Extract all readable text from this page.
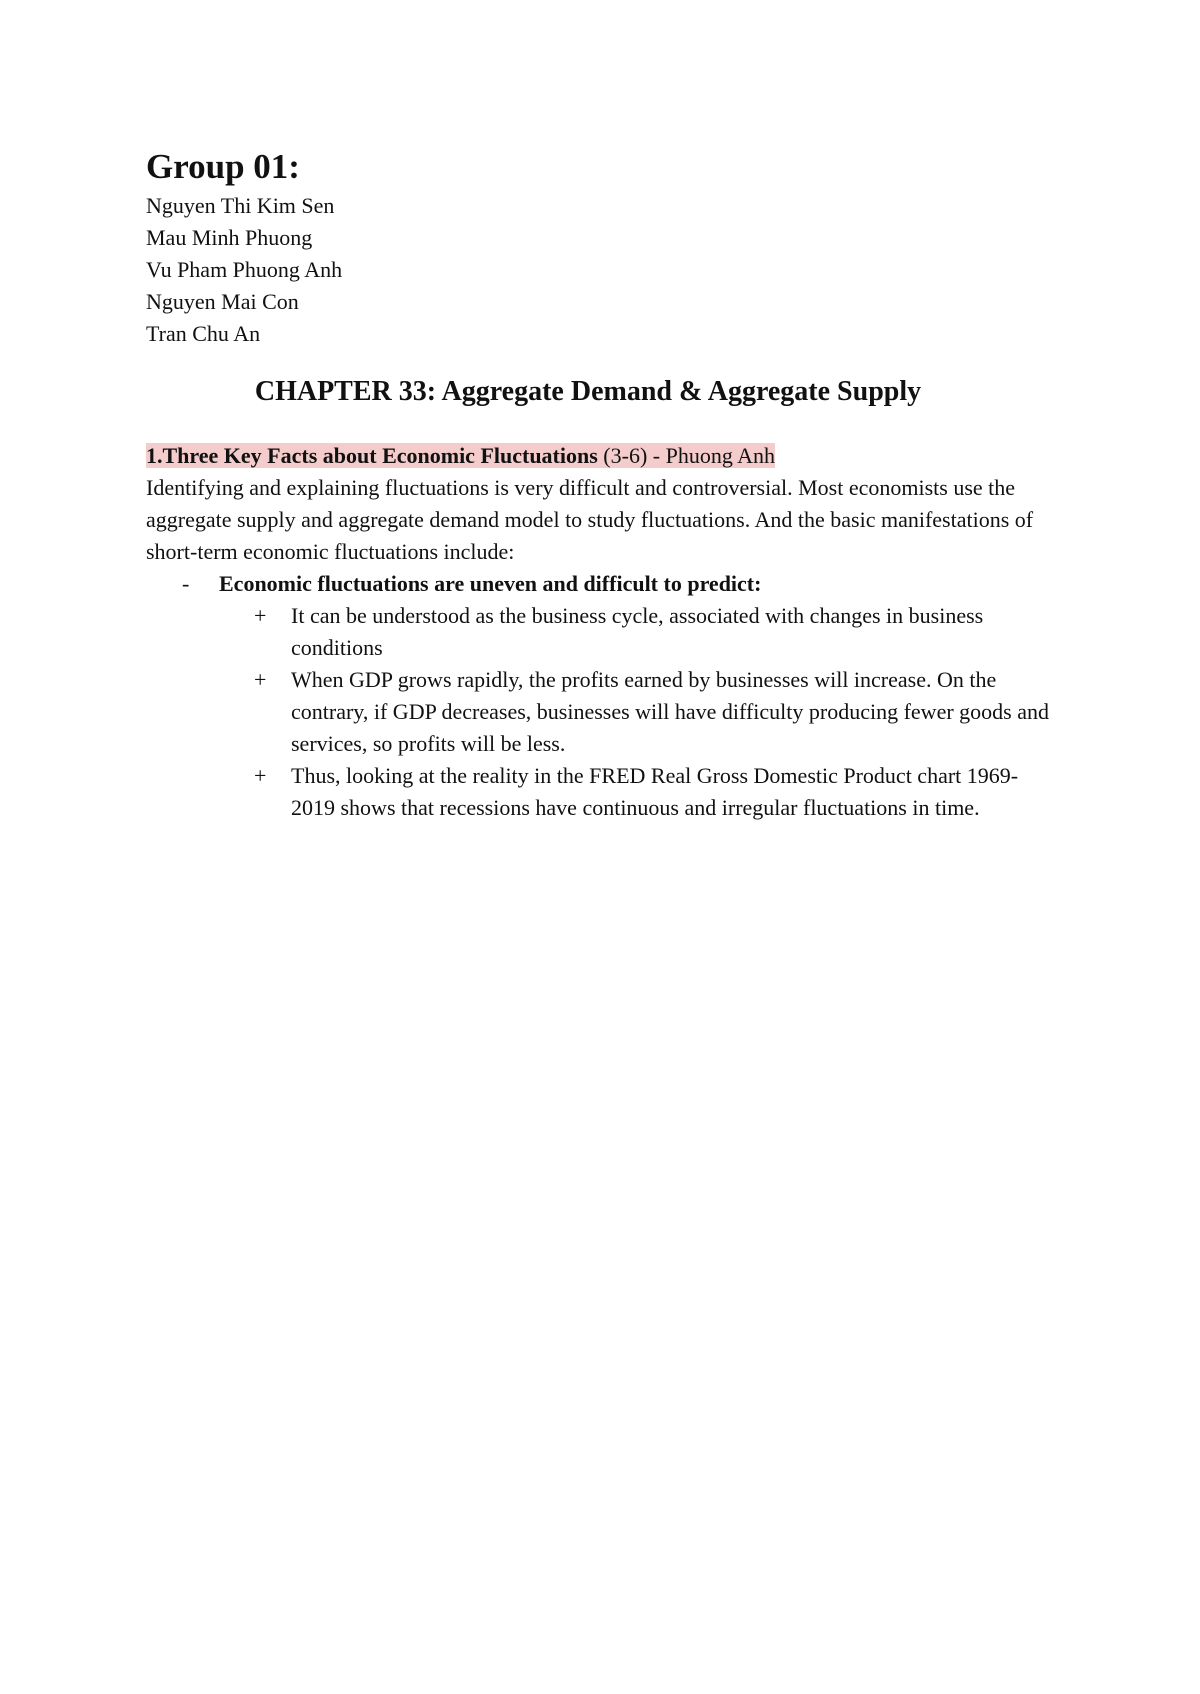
Group 01:
Nguyen Thi Kim Sen
Mau Minh Phuong
Vu Pham Phuong Anh
Nguyen Mai Con
Tran Chu An
CHAPTER 33: Aggregate Demand & Aggregate Supply

1.Three Key Facts about Economic Fluctuations (3-6) - Phuong Anh

Identifying and explaining fluctuations is very difficult and controversial. Most economists use the aggregate supply and aggregate demand model to study fluctuations. And the basic manifestations of short-term economic fluctuations include:

- Economic fluctuations are uneven and difficult to predict:

+ It can be understood as the business cycle, associated with changes in business conditions

+ When GDP grows rapidly, the profits earned by businesses will increase. On the contrary, if GDP decreases, businesses will have difficulty producing fewer goods and services, so profits will be less.

+ Thus, looking at the reality in the FRED Real Gross Domestic Product chart 1969-2019 shows that recessions have continuous and irregular fluctuations in time.
